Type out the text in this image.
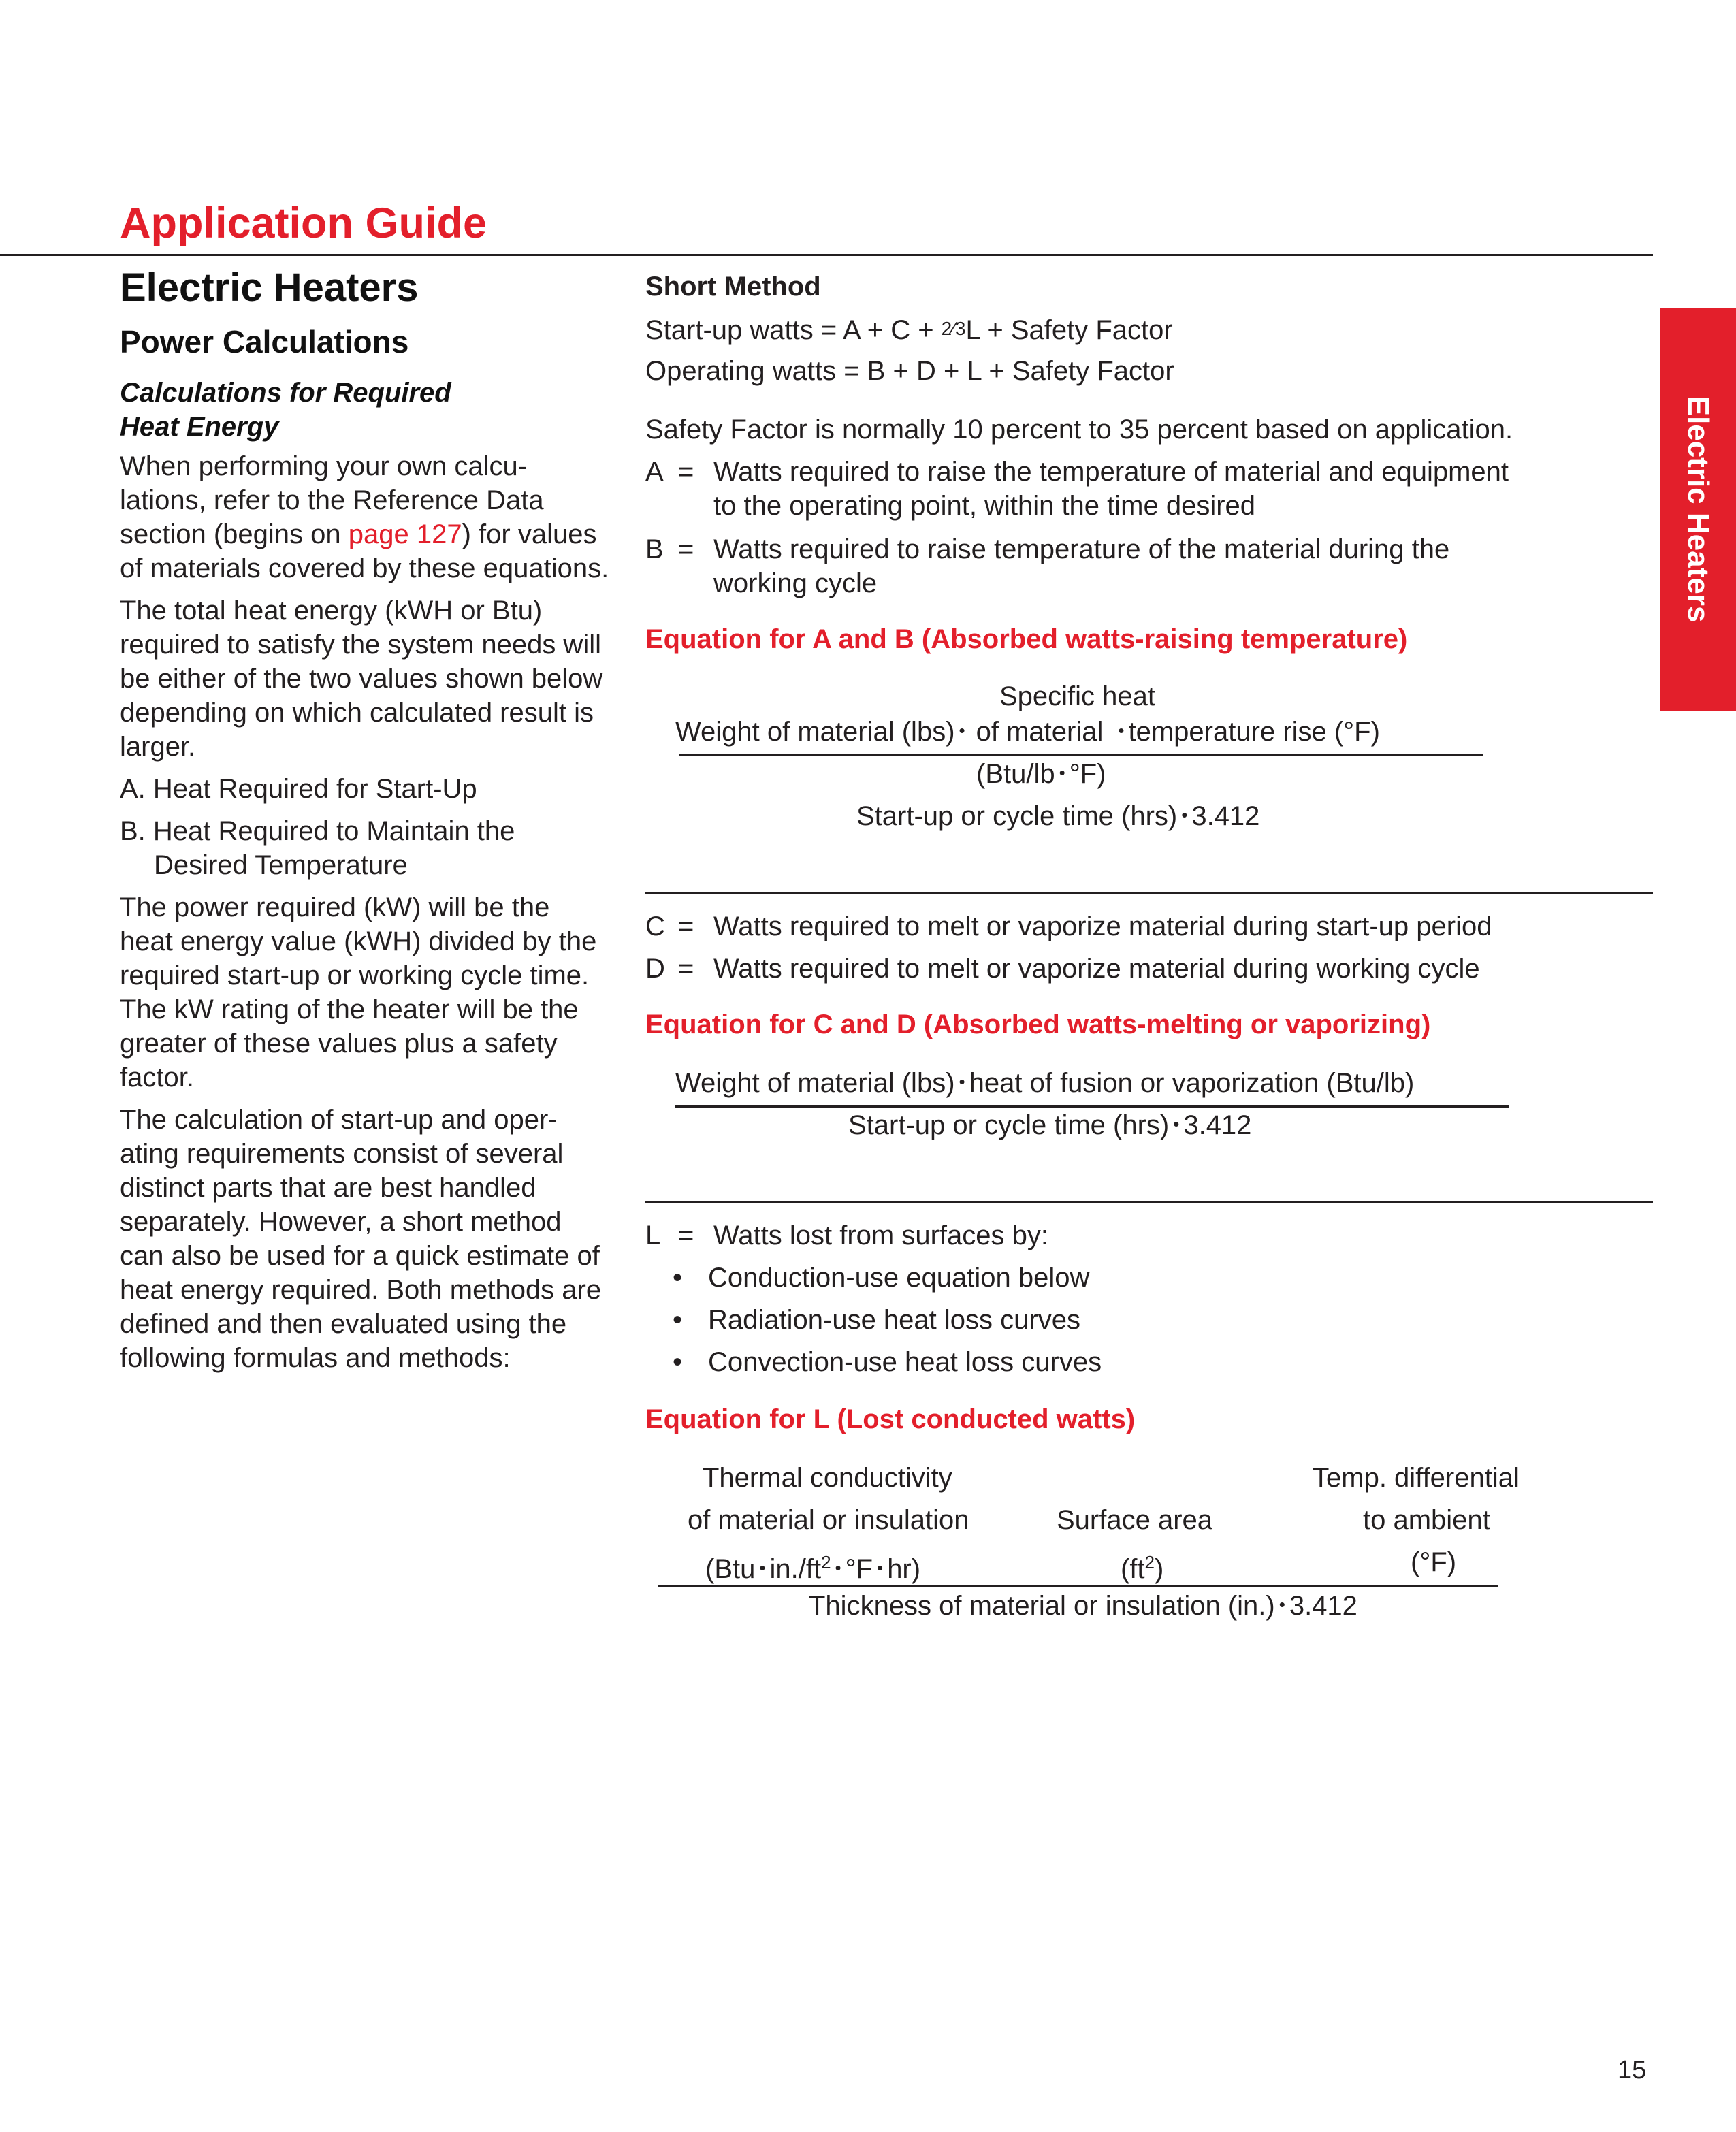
Application Guide
Electric Heaters
Electric Heaters
Power Calculations
Calculations for Required
Heat Energy

When performing your own calcu-lations, refer to the Reference Data section (begins on page 127) for values of materials covered by these equations.

The total heat energy (kWH or Btu) required to satisfy the system needs will be either of the two values shown below depending on which calculated result is larger.

A. Heat Required for Start-Up
B. Heat Required to Maintain the Desired Temperature

The power required (kW) will be the heat energy value (kWH) divided by the required start-up or working cycle time. The kW rating of the heater will be the greater of these values plus a safety factor.

The calculation of start-up and oper-ating requirements consist of several distinct parts that are best handled separately. However, a short method can also be used for a quick estimate of heat energy required. Both methods are defined and then evaluated using the following formulas and methods:

Short Method
Start-up watts = A + C + 2⁄3L + Safety Factor
Operating watts = B + D + L + Safety Factor
Safety Factor is normally 10 percent to 35 percent based on application.
A = Watts required to raise the temperature of material and equipment
to the operating point, within the time desired
B = Watts required to raise temperature of the material during the
working cycle
Equation for A and B (Absorbed watts-raising temperature)
Specific heat
Weight of material (lbs) • of material • temperature rise (°F)
(Btu/lb • °F)
Start-up or cycle time (hrs) • 3.412
C = Watts required to melt or vaporize material during start-up period
D = Watts required to melt or vaporize material during working cycle
Equation for C and D (Absorbed watts-melting or vaporizing)
Weight of material (lbs) • heat of fusion or vaporization (Btu/lb)
Start-up or cycle time (hrs) • 3.412
L = Watts lost from surfaces by:
• Conduction-use equation below
• Radiation-use heat loss curves
• Convection-use heat loss curves
Equation for L (Lost conducted watts)
Thermal conductivity
of material or insulation
(Btu • $in./ft^2$ • °F • hr)
Surface area
$(ft^2)$
Temp. differential
to ambient
(°F)
Thickness of material or insulation (in.) • 3.412
15
